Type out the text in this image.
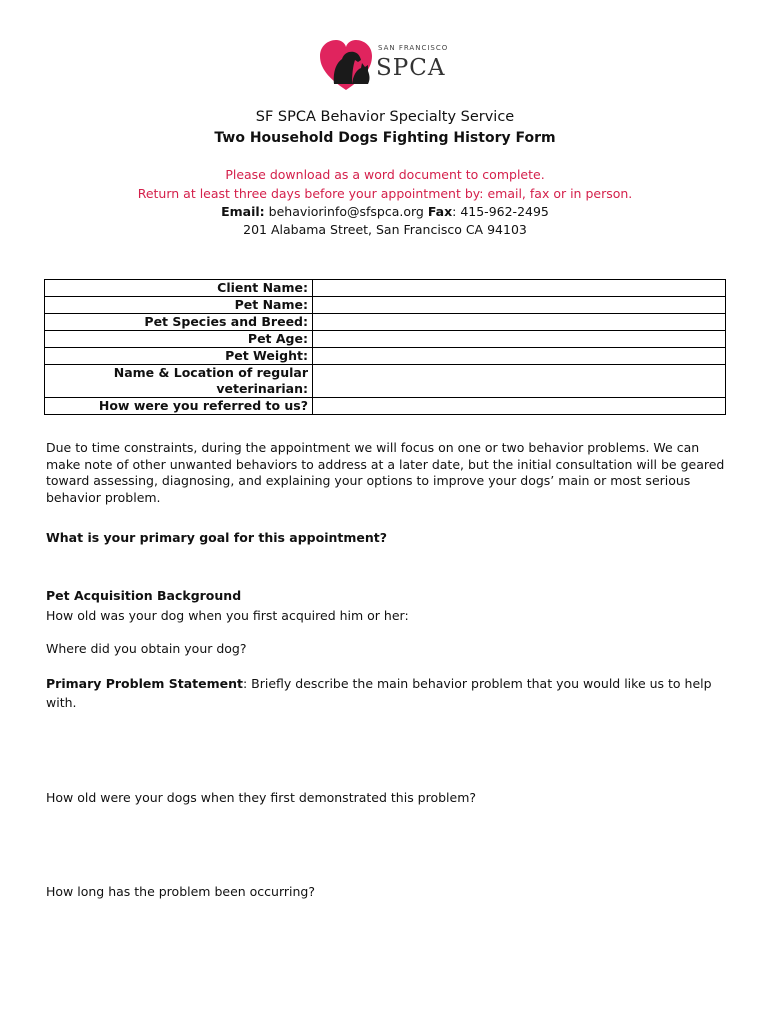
SAN FRANCISCO
SPCA
SF SPCA Behavior Specialty Service
Two Household Dogs Fighting History Form
Please download as a word document to complete.
Return at least three days before your appointment by: email, fax or in person.
Email: behaviorinfo@sfspca.org Fax: 415-962-2495
201 Alabama Street, San Francisco CA 94103
Client Name:	
Pet Name:	
Pet Species and Breed:	
Pet Age:	
Pet Weight:	
Name & Location of regular veterinarian:	
How were you referred to us?	
Due to time constraints, during the appointment we will focus on one or two behavior problems. We can make note of other unwanted behaviors to address at a later date, but the initial consultation will be geared toward assessing, diagnosing, and explaining your options to improve your dogs’ main or most serious behavior problem.
What is your primary goal for this appointment?
Pet Acquisition Background
How old was your dog when you first acquired him or her:
Where did you obtain your dog?
Primary Problem Statement: Briefly describe the main behavior problem that you would like us to help with.
How old were your dogs when they first demonstrated this problem?
How long has the problem been occurring?
